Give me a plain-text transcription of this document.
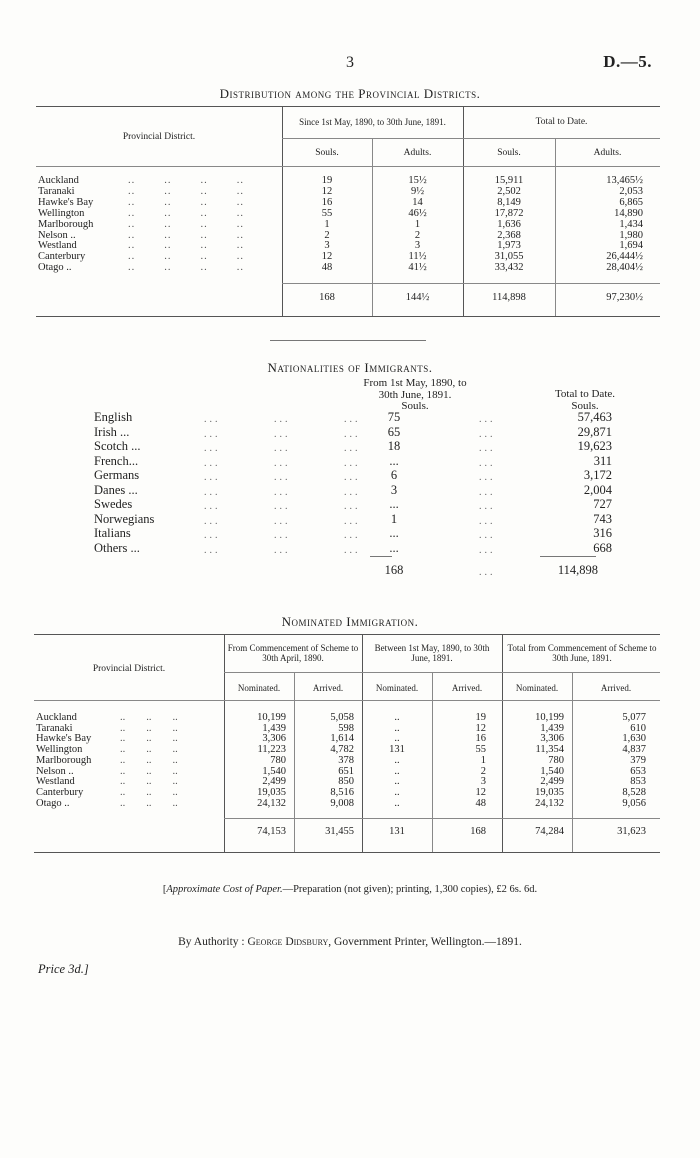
3	D.—5.
Distribution among the Provincial Districts.
Provincial District.
Since 1st May, 1890, to 30th June, 1891.	Total to Date.
Souls.	Adults.	Souls.	Adults.
Auckland	..        ..        ..        ..	19	15½	15,911	13,465½
Taranaki	..        ..        ..        ..	12	9½	2,502	2,053
Hawke's Bay	..        ..        ..        ..	16	14	8,149	6,865
Wellington	..        ..        ..        ..	55	46½	17,872	14,890
Marlborough	..        ..        ..        ..	1	1	1,636	1,434
Nelson ..	..        ..        ..        ..	2	2	2,368	1,980
Westland	..        ..        ..        ..	3	3	1,973	1,694
Canterbury	..        ..        ..        ..	12	11½	31,055	26,444½
Otago ..	..        ..        ..        ..	48	41½	33,432	28,404½
168	144½	114,898	97,230½
Nationalities of Immigrants.
From 1st May, 1890, to
30th June, 1891.
Souls.
Total to Date.
Souls.
English	...	...	...	75	...	57,463
Irish ...	...	...	...	65	...	29,871
Scotch ...	...	...	...	18	...	19,623
French...	...	...	...	...	...	311
Germans	...	...	...	6	...	3,172
Danes ...	...	...	...	3	...	2,004
Swedes	...	...	...	...	...	727
Norwegians	...	...	...	1	...	743
Italians	...	...	...	...	...	316
Others ...	...	...	...	...	...	668
168	...	114,898
Nominated Immigration.
Provincial District.
From Commencement of Scheme to 30th April, 1890.
Between 1st May, 1890, to 30th June, 1891.
Total from Commencement of Scheme to 30th June, 1891.
Nominated.	Arrived.	Nominated.	Arrived.	Nominated.	Arrived.
Auckland	..        ..        ..	10,199	5,058	..	19	10,199	5,077
Taranaki	..        ..        ..	1,439	598	..	12	1,439	610
Hawke's Bay	..        ..        ..	3,306	1,614	..	16	3,306	1,630
Wellington	..        ..        ..	11,223	4,782	131	55	11,354	4,837
Marlborough	..        ..        ..	780	378	..	1	780	379
Nelson ..	..        ..        ..	1,540	651	..	2	1,540	653
Westland	..        ..        ..	2,499	850	..	3	2,499	853
Canterbury	..        ..        ..	19,035	8,516	..	12	19,035	8,528
Otago ..	..        ..        ..	24,132	9,008	..	48	24,132	9,056
74,153	31,455	131	168	74,284	31,623
[Approximate Cost of Paper.—Preparation (not given); printing, 1,300 copies), £2 6s. 6d.
By Authority : George Didsbury, Government Printer, Wellington.—1891.
Price 3d.]
